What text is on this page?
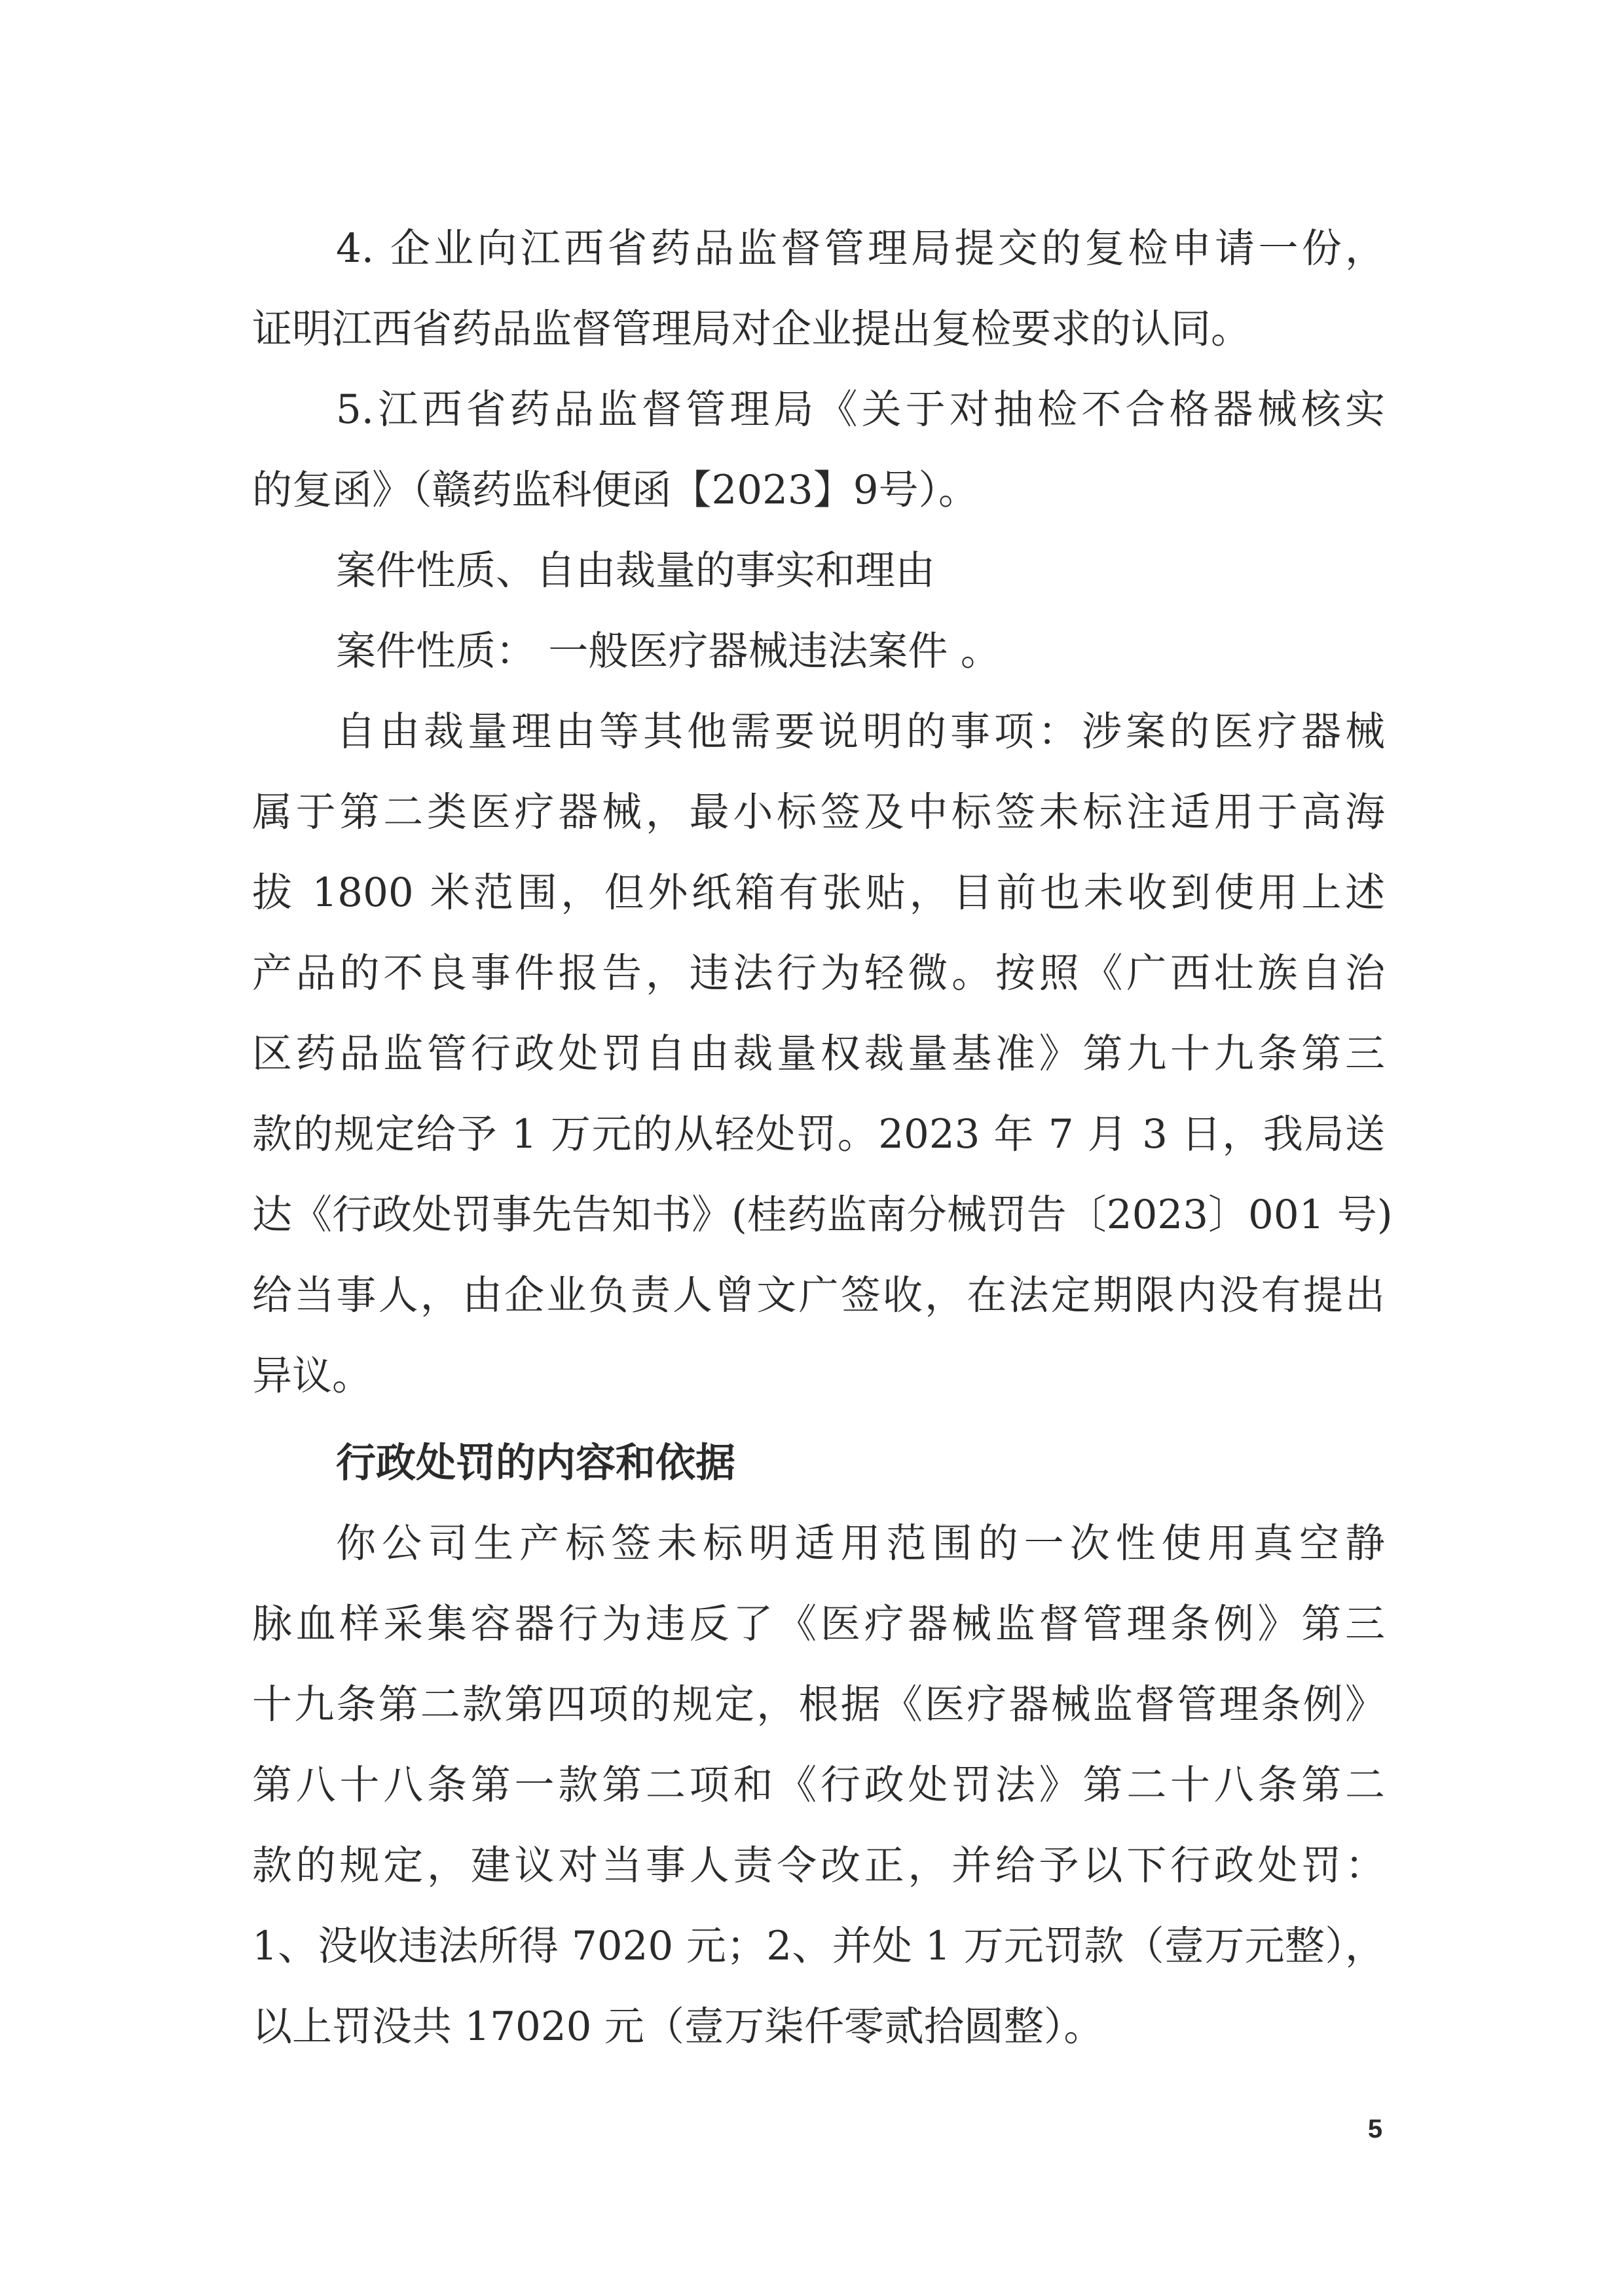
4. 企业向江西省药品监督管理局提交的复检申请一份，
证明江西省药品监督管理局对企业提出复检要求的认同。
5.江西省药品监督管理局《关于对抽检不合格器械核实
的复函》（赣药监科便函【2023】9号）。
案件性质、自由裁量的事实和理由
案件性质： 一般医疗器械违法案件 。
自由裁量理由等其他需要说明的事项：涉案的医疗器械
属于第二类医疗器械，最小标签及中标签未标注适用于高海
拔 1800 米范围，但外纸箱有张贴，目前也未收到使用上述
产品的不良事件报告，违法行为轻微。按照《广西壮族自治
区药品监管行政处罚自由裁量权裁量基准》第九十九条第三
款的规定给予 1 万元的从轻处罚。2023 年 7 月 3 日，我局送
达《行政处罚事先告知书》(桂药监南分械罚告〔2023〕001 号)
给当事人，由企业负责人曾文广签收，在法定期限内没有提出
异议。
行政处罚的内容和依据
你公司生产标签未标明适用范围的一次性使用真空静
脉血样采集容器行为违反了《医疗器械监督管理条例》第三
十九条第二款第四项的规定，根据《医疗器械监督管理条例》
第八十八条第一款第二项和《行政处罚法》第二十八条第二
款的规定，建议对当事人责令改正，并给予以下行政处罚：
1、没收违法所得 7020 元；2、并处 1 万元罚款（壹万元整），
以上罚没共 17020 元（壹万柒仟零贰拾圆整）。
5
